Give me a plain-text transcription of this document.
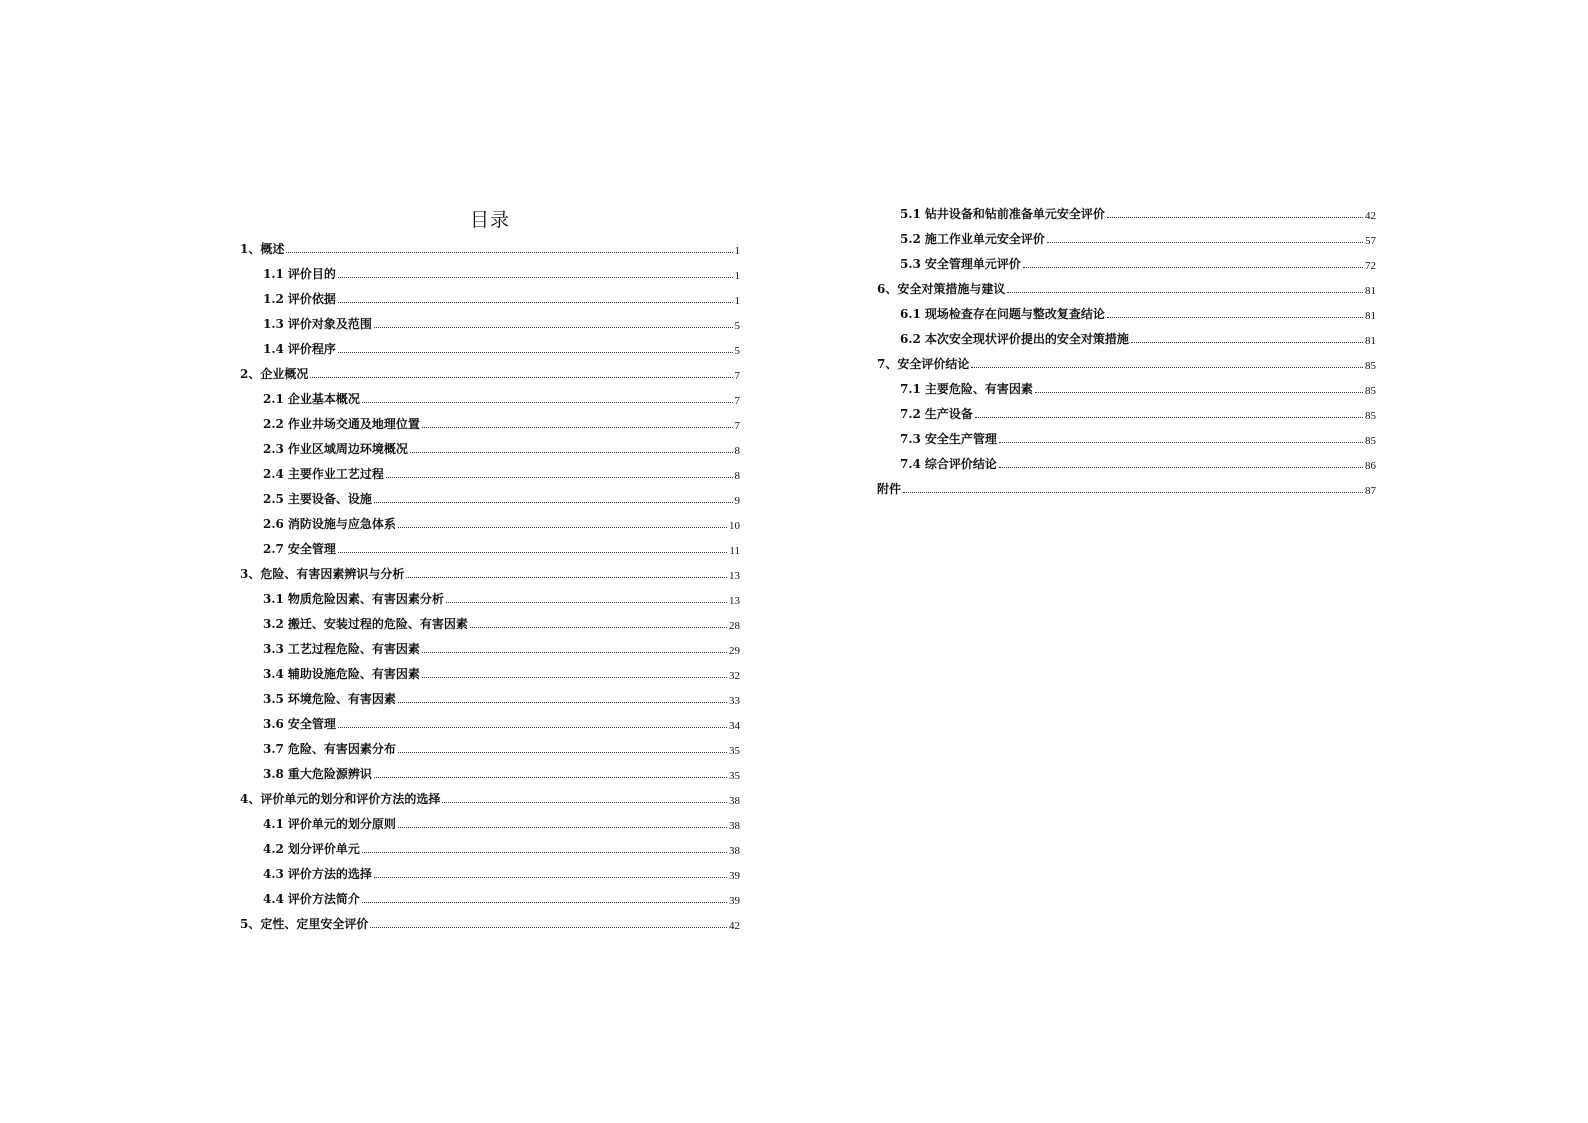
目录
1、概述	1
1.1 评价目的	1
1.2 评价依据	1
1.3 评价对象及范围	5
1.4 评价程序	5
2、企业概况	7
2.1 企业基本概况	7
2.2 作业井场交通及地理位置	7
2.3 作业区域周边环境概况	8
2.4 主要作业工艺过程	8
2.5 主要设备、设施	9
2.6 消防设施与应急体系	10
2.7 安全管理	11
3、危险、有害因素辨识与分析	13
3.1 物质危险因素、有害因素分析	13
3.2 搬迁、安装过程的危险、有害因素	28
3.3 工艺过程危险、有害因素	29
3.4 辅助设施危险、有害因素	32
3.5 环境危险、有害因素	33
3.6 安全管理	34
3.7 危险、有害因素分布	35
3.8 重大危险源辨识	35
4、评价单元的划分和评价方法的选择	38
4.1 评价单元的划分原则	38
4.2 划分评价单元	38
4.3 评价方法的选择	39
4.4 评价方法简介	39
5、定性、定里安全评价	42
5.1 钻井设备和钻前准备单元安全评价	42
5.2 施工作业单元安全评价	57
5.3 安全管理单元评价	72
6、安全对策措施与建议	81
6.1 现场检查存在问题与整改复查结论	81
6.2 本次安全现状评价提出的安全对策措施	81
7、安全评价结论	85
7.1 主要危险、有害因素	85
7.2 生产设备	85
7.3 安全生产管理	85
7.4 综合评价结论	86
附件	87
